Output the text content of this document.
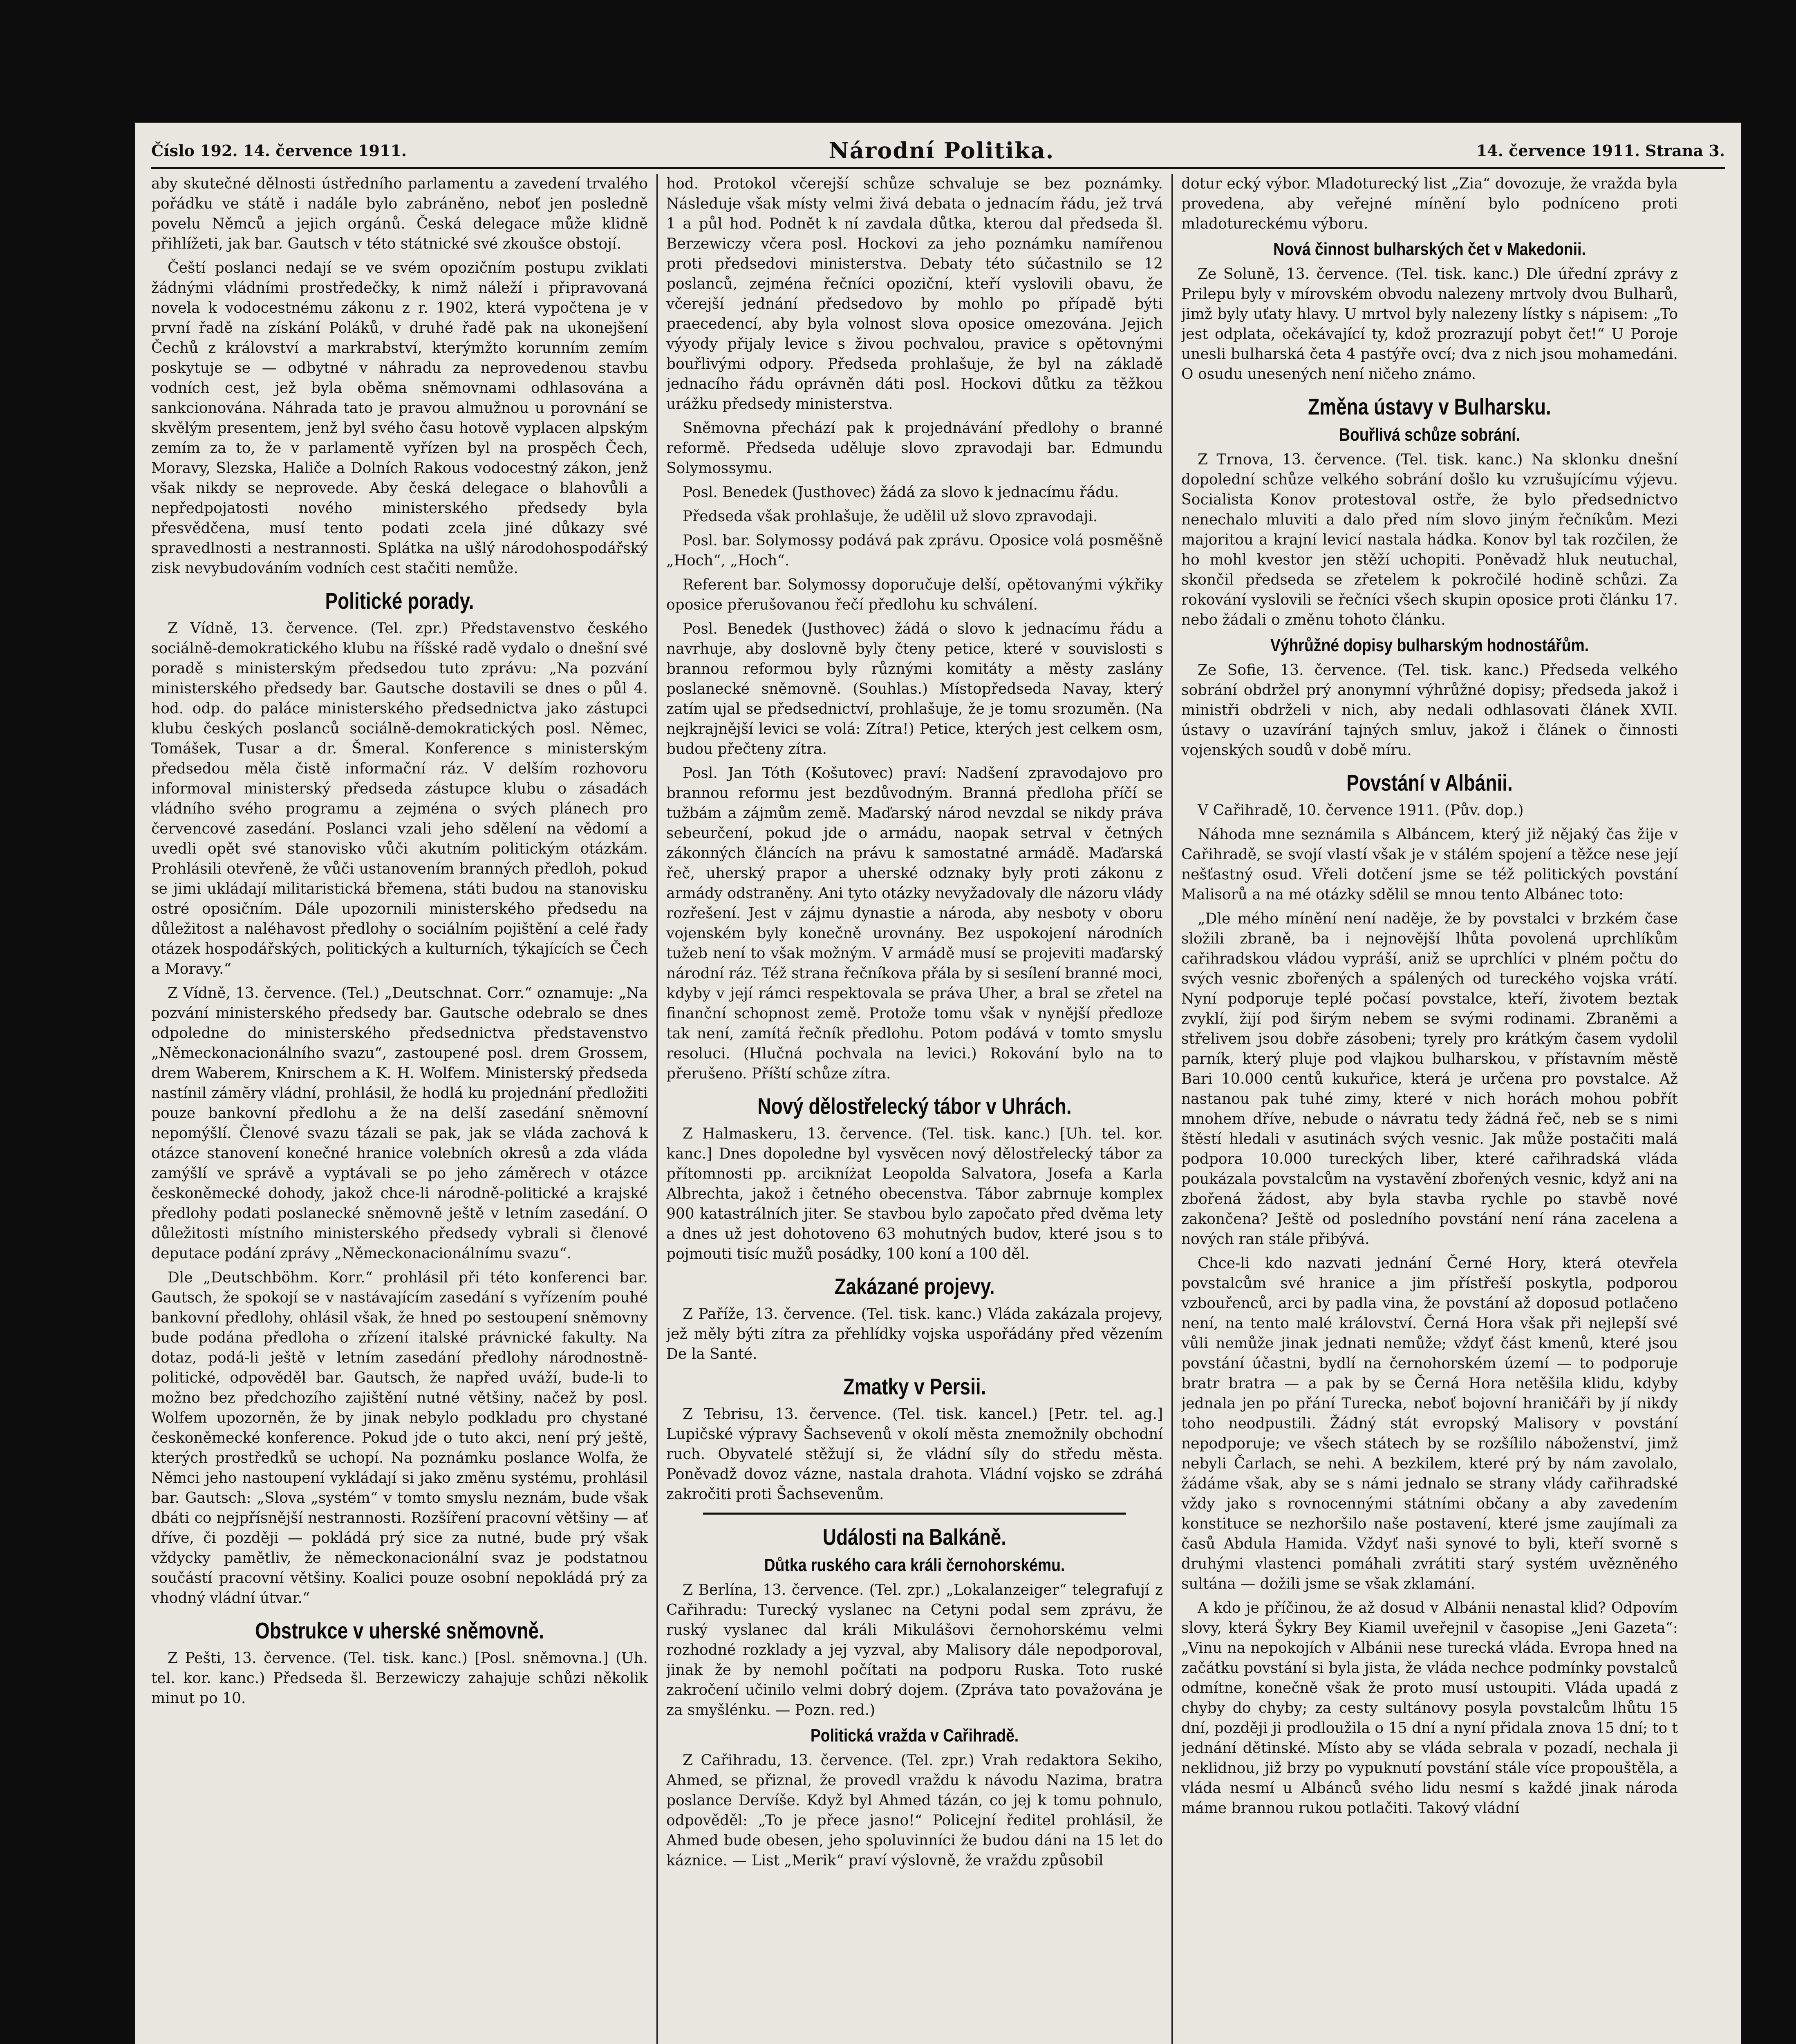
Číslo 192. 14. července 1911.	Národní Politika.	14. července 1911. Strana 3.

aby skutečné dělnosti ústředního parlamentu a zavedení trvalého pořádku ve státě i nadále bylo zabráněno, neboť jen posledně povelu Němců a jejich orgánů. Česká delegace může klidně přihlížeti, jak bar. Gautsch v této státnické své zkoušce obstojí.

Čeští poslanci nedají se ve svém opozičním postupu zviklati žádnými vládními prostředečky, k nimž náleží i připravovaná novela k vodocestnému zákonu z r. 1902, která vypočtena je v první řadě na získání Poláků, v druhé řadě pak na ukonejšení Čechů z království a markrabství, kterýmžto korunním zemím poskytuje se — odbytné v náhradu za neprovedenou stavbu vodních cest, jež byla oběma sněmovnami odhlasována a sankcionována. Náhrada tato je pravou almužnou u porovnání se skvělým presentem, jenž byl svého času hotově vyplacen alpským zemím za to, že v parlamentě vyřízen byl na prospěch Čech, Moravy, Slezska, Haliče a Dolních Rakous vodocestný zákon, jenž však nikdy se neprovede. Aby česká delegace o blahovůli a nepředpojatosti nového ministerského předsedy byla přesvědčena, musí tento podati zcela jiné důkazy své spravedlnosti a nestrannosti. Splátka na ušlý národohospodářský zisk nevybudováním vodních cest stačiti nemůže.

Politické porady.

Z Vídně, 13. července. (Tel. zpr.) Představenstvo českého sociálně-demokratického klubu na říšské radě vydalo o dnešní své poradě s ministerským předsedou tuto zprávu: „Na pozvání ministerského předsedy bar. Gautsche dostavili se dnes o půl 4. hod. odp. do paláce ministerského předsednictva jako zástupci klubu českých poslanců sociálně-demokratických posl. Němec, Tomášek, Tusar a dr. Šmeral. Konference s ministerským předsedou měla čistě informační ráz. V delším rozhovoru informoval ministerský předseda zástupce klubu o zásadách vládního svého programu a zejména o svých plánech pro červencové zasedání. Poslanci vzali jeho sdělení na vědomí a uvedli opět své stanovisko vůči akutním politickým otázkám. Prohlásili otevřeně, že vůči ustanovením branných předloh, pokud se jimi ukládají militaristická břemena, státi budou na stanovisku ostré oposičním. Dále upozornili ministerského předsedu na důležitost a naléhavost předlohy o sociálním pojištění a celé řady otázek hospodářských, politických a kulturních, týkajících se Čech a Moravy.“

Z Vídně, 13. července. (Tel.) „Deutschnat. Corr.“ oznamuje: „Na pozvání ministerského předsedy bar. Gautsche odebralo se dnes odpoledne do ministerského předsednictva představenstvo „Německonacionálního svazu“, zastoupené posl. drem Grossem, drem Waberem, Knirschem a K. H. Wolfem. Ministerský předseda nastínil zámĕry vládní, prohlásil, že hodlá ku projednání předložiti pouze bankovní předlohu a že na delší zasedání sněmovní nepomýšlí. Členové svazu tázali se pak, jak se vláda zachová k otázce stanovení konečné hranice volebních okresů a zda vláda zamýšlí ve správě a vyptávali se po jeho záměrech v otázce českoněmecké dohody, jakož chce-li národně-politické a krajské předlohy podati poslanecké sněmovně ještě v letním zasedání. O důležitosti místního ministerského předsedy vybrali si členové deputace podání zprávy „Německonacionálnímu svazu“.

Dle „Deutschböhm. Korr.“ prohlásil při této konferenci bar. Gautsch, že spokojí se v nastávajícím zasedání s vyřízením pouhé bankovní předlohy, ohlásil však, že hned po sestoupení sněmovny bude podána předloha o zřízení italské právnické fakulty. Na dotaz, podá-li ještě v letním zasedání předlohy národnostně-politické, odpověděl bar. Gautsch, že napřed uváží, bude-li to možno bez předchozího zajištění nutné většiny, načež by posl. Wolfem upozorněn, že by jinak nebylo podkladu pro chystané českoněmecké konference. Pokud jde o tuto akci, není prý ještě, kterých prostředků se uchopí. Na poznámku poslance Wolfa, že Němci jeho nastoupení vykládají si jako změnu systému, prohlásil bar. Gautsch: „Slova „systém“ v tomto smyslu neznám, bude však dbáti co nejpřísnější nestrannosti. Rozšíření pracovní většiny — ať dříve, či později — pokládá prý sice za nutné, bude prý však vždycky pamětliv, že německonacionální svaz je podstatnou součástí pracovní většiny. Koalici pouze osobní nepokládá prý za vhodný vládní útvar.“

Obstrukce v uherské sněmovně.

Z Pešti, 13. července. (Tel. tisk. kanc.) [Posl. sněmovna.] (Uh. tel. kor. kanc.) Předseda šl. Berzewiczy zahajuje schůzi několik minut po 10.

hod. Protokol včerejší schůze schvaluje se bez poznámky. Následuje však místy velmi živá debata o jednacím řádu, jež trvá 1 a půl hod. Podnět k ní zavdala důtka, kterou dal předseda šl. Berzewiczy včera posl. Hockovi za jeho poznámku namířenou proti předsedovi ministerstva. Debaty této súčastnilo se 12 poslanců, zejména řečníci opoziční, kteří vyslovili obavu, že včerejší jednání předsedovo by mohlo po případě býti praecedencí, aby byla volnost slova oposice omezována. Jejich výyody přijaly levice s živou pochvalou, pravice s opětovnými bouřlivými odpory. Předseda prohlašuje, že byl na základě jednacího řádu oprávněn dáti posl. Hockovi důtku za těžkou urážku předsedy ministerstva.

Sněmovna přechází pak k projednávání předlohy o branné reformě. Předseda uděluje slovo zpravodaji bar. Edmundu Solymossymu.

Posl. Benedek (Justhovec) žádá za slovo k jednacímu řádu.

Předseda však prohlašuje, že udělil už slovo zpravodaji.

Posl. bar. Solymossy podává pak zprávu. Oposice volá posměšně „Hoch“, „Hoch“.

Referent bar. Solymossy doporučuje delší, opětovanými výkřiky oposice přerušovanou řečí předlohu ku schválení.

Posl. Benedek (Justhovec) žádá o slovo k jednacímu řádu a navrhuje, aby doslovně byly čteny petice, které v souvislosti s brannou reformou byly různými komitáty a městy zaslány poslanecké sněmovně. (Souhlas.) Místopředseda Navay, který zatím ujal se předsednictví, prohlašuje, že je tomu srozuměn. (Na nejkrajnější levici se volá: Zítra!) Petice, kterých jest celkem osm, budou přečteny zítra.

Posl. Jan Tóth (Košutovec) praví: Nadšení zpravodajovo pro brannou reformu jest bezdůvodným. Branná předloha příčí se tužbám a zájmům země. Maďarský národ nevzdal se nikdy práva sebeurčení, pokud jde o armádu, naopak setrval v četných zákonných článcích na právu k samostatné armádě. Maďarská řeč, uherský prapor a uherské odznaky byly proti zákonu z armády odstraněny. Ani tyto otázky nevyžadovaly dle názoru vlády rozřešení. Jest v zájmu dynastie a národa, aby nesboty v oboru vojenském byly konečně urovnány. Bez uspokojení národních tužeb není to však možným. V armádě musí se projeviti maďarský národní ráz. Též strana řečníkova přála by si sesílení branné moci, kdyby v její rámci respektovala se práva Uher, a bral se zřetel na finanční schopnost země. Protože tomu však v nynější předloze tak není, zamítá řečník předlohu. Potom podává v tomto smyslu resoluci. (Hlučná pochvala na levici.) Rokování bylo na to přerušeno. Příští schůze zítra.

Nový dělostřelecký tábor v Uhrách.

Z Halmaskeru, 13. července. (Tel. tisk. kanc.) [Uh. tel. kor. kanc.] Dnes dopoledne byl vysvěcen nový dělostřelecký tábor za přítomnosti pp. arcikníżat Leopolda Salvatora, Josefa a Karla Albrechta, jakož i četného obecenstva. Tábor zabrnuje komplex 900 katastrálních jiter. Se stavbou bylo započato před dvěma lety a dnes už jest dohotoveno 63 mohutných budov, které jsou s to pojmouti tisíc mužů posádky, 100 koní a 100 děl.

Zakázané projevy.

Z Paříže, 13. července. (Tel. tisk. kanc.) Vláda zakázala projevy, jež měly býti zítra za přehlídky vojska uspořádány před vězením De la Santé.

Zmatky v Persii.

Z Tebrisu, 13. července. (Tel. tisk. kancel.) [Petr. tel. ag.] Lupičské výpravy Šachsevenů v okolí města znemožnily obchodní ruch. Obyvatelé stěžují si, že vládní síly do středu města. Poněvadž dovoz vázne, nastala drahota. Vládní vojsko se zdráhá zakročiti proti Šachsevenům.

Události na Balkáně.
Důtka ruského cara králi černohorskému.

Z Berlína, 13. července. (Tel. zpr.) „Lokalanzeiger“ telegrafují z Cařihradu: Turecký vyslanec na Cetyni podal sem zprávu, že ruský vyslanec dal králi Mikulášovi černohorskému velmi rozhodné rozklady a jej vyzval, aby Malisory dále nepodporoval, jinak že by nemohl počítati na podporu Ruska. Toto ruské zakročení učinilo velmi dobrý dojem. (Zpráva tato považována je za smyšlénku. — Pozn. red.)

Politická vražda v Cařihradě.

Z Cařihradu, 13. července. (Tel. zpr.) Vrah redaktora Sekiho, Ahmed, se přiznal, že provedl vraždu k návodu Nazima, bratra poslance Dervíše. Když byl Ahmed tázán, co jej k tomu pohnulo, odpověděl: „To je přece jasno!“ Policejní ředitel prohlásil, že Ahmed bude obesen, jeho spoluvinníci že budou dáni na 15 let do káznice. — List „Merik“ praví výslovně, že vraždu způsobil

dotur ecký výbor. Mladoturecký list „Zia“ dovozuje, že vražda byla provedena, aby veřejné mínění bylo podníceno proti mladotureckému výboru.

Nová činnost bulharských čet v Makedonii.

Ze Soluně, 13. července. (Tel. tisk. kanc.) Dle úřední zprávy z Prilepu byly v mírovském obvodu nalezeny mrtvoly dvou Bulharů, jimž byly uťaty hlavy. U mrtvol byly nalezeny lístky s nápisem: „To jest odplata, očekávající ty, kdož prozrazují pobyt čet!“ U Poroje unesli bulharská četa 4 pastýře ovcí; dva z nich jsou mohamedáni. O osudu unesených není ničeho známo.

Změna ústavy v Bulharsku.
Bouřlivá schůze sobrání.

Z Trnova, 13. července. (Tel. tisk. kanc.) Na sklonku dnešní dopolední schůze velkého sobrání došlo ku vzrušujícímu výjevu. Socialista Konov protestoval ostře, že bylo předsednictvo nenechalo mluviti a dalo před ním slovo jiným řečníkům. Mezi majoritou a krajní levicí nastala hádka. Konov byl tak rozčilen, že ho mohl kvestor jen stěží uchopiti. Poněvadž hluk neutuchal, skončil předseda se zřetelem k pokročilé hodině schůzi. Za rokování vyslovili se řečníci všech skupin oposice proti článku 17. nebo žádali o změnu tohoto článku.

Výhrůžné dopisy bulharským hodnostářům.

Ze Sofie, 13. července. (Tel. tisk. kanc.) Předseda velkého sobrání obdržel prý anonymní výhrůžné dopisy; předseda jakož i ministři obdrželi v nich, aby nedali odhlasovati článek XVII. ústavy o uzavírání tajných smluv, jakož i článek o činnosti vojenských soudů v době míru.

Povstání v Albánii.

V Cařihradě, 10. července 1911. (Pův. dop.)

Náhoda mne seznámila s Albáncem, který již nějaký čas žije v Cařihradě, se svojí vlastí však je v stálém spojení a těžce nese její nešťastný osud. Vřeli dotčení jsme se též politických povstání Malisorů a na mé otázky sdělil se mnou tento Albánec toto:

„Dle mého mínění není naděje, že by povstalci v brzkém čase složili zbraně, ba i nejnovější lhůta povolená uprchlíkům cařihradskou vládou vypráší, aniž se uprchlíci v plném počtu do svých vesnic zbořených a spálených od tureckého vojska vrátí. Nyní podporuje teplé počasí povstalce, kteří, životem beztak zvyklí, žijí pod širým nebem se svými rodinami. Zbraněmi a střelivem jsou dobře zásobeni; tyrely pro krátkým časem vydolil parník, který pluje pod vlajkou bulharskou, v přístavním městě Bari 10.000 centů kukuřice, která je určena pro povstalce. Až nastanou pak tuhé zimy, které v nich horách mohou pobřít mnohem dříve, nebude o návratu tedy žádná řeč, neb se s nimi štěstí hledali v asutinách svých vesnic. Jak může postačiti malá podpora 10.000 tureckých liber, které cařihradská vláda poukázala povstalcům na vystavění zbořených vesnic, když ani na zbořená žádost, aby byla stavba rychle po stavbě nové zakončena? Ještě od posledního povstání není rána zacelena a nových ran stále přibývá.

Chce-li kdo nazvati jednání Černé Hory, která otevřela povstalcům své hranice a jim přístřeší poskytla, podporou vzbouřenců, arci by padla vina, že povstání až doposud potlačeno není, na tento malé království. Černá Hora však při nejlepší své vůli nemůže jinak jednati nemůže; vždyť část kmenů, které jsou povstání účastni, bydlí na černohorském území — to podporuje bratr bratra — a pak by se Černá Hora netěšila klidu, kdyby jednala jen po přání Turecka, neboť bojovní hraničáři by jí nikdy toho neodpustili. Žádný stát evropský Malisory v povstání nepodporuje; ve všech státech by se rozšílilo náboženství, jimž nebyli Čarlach, se nehi. A bezkilem, které prý by nám zavolalo, žádáme však, aby se s námi jednalo se strany vlády cařihradské vždy jako s rovnocennými státními občany a aby zavedením konstituce se nezhoršilo naše postavení, které jsme zaujímali za časů Abdula Hamida. Vždyť naši synové to byli, kteří svorně s druhými vlastenci pomáhali zvrátiti starý systém uvězněného sultána — dožili jsme se však zklamání.

A kdo je příčinou, že až dosud v Albánii nenastal klid? Odpovím slovy, která Šykry Bey Kiamil uveřejnil v časopise „Jeni Gazeta“: „Vinu na nepokojích v Albánii nese turecká vláda. Evropa hned na začátku povstání si byla jista, že vláda nechce podmínky povstalců odmítne, konečně však že proto musí ustoupiti. Vláda upadá z chyby do chyby; za cesty sultánovy posyla povstalcům lhůtu 15 dní, později ji prodloužila o 15 dní a nyní přidala znova 15 dní; to t jednání dětinské. Místo aby se vláda sebrala v pozadí, nechala ji neklidnou, již brzy po vypuknutí povstání stále více propouštěla, a vláda nesmí u Albánců svého lidu nesmí s každé jinak národa máme brannou rukou potlačiti. Takový vládní
